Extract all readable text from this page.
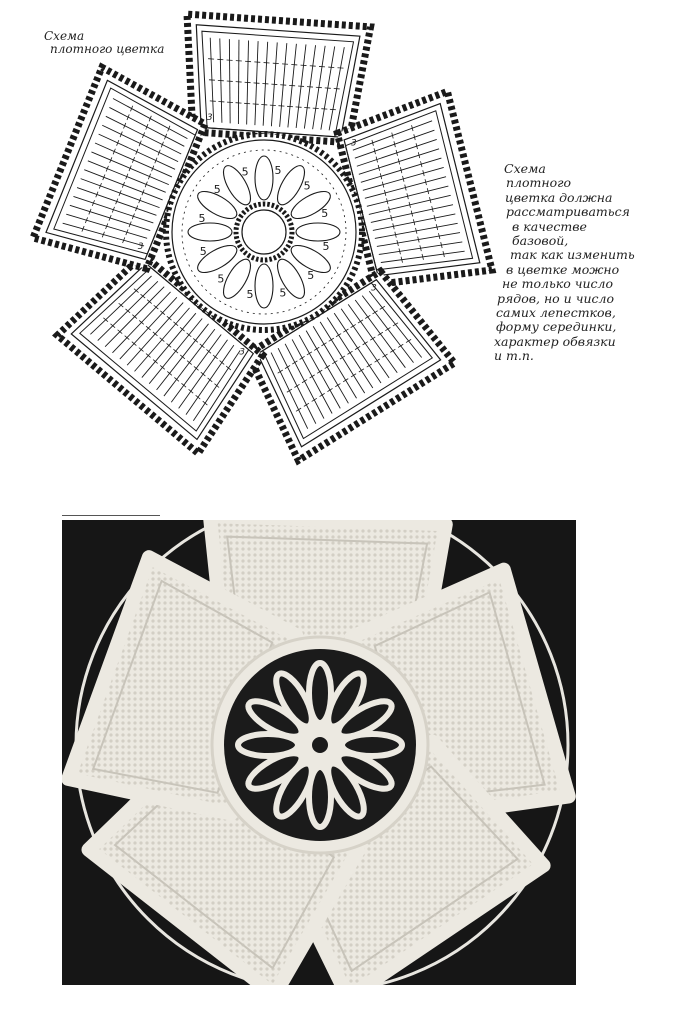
Схема
плотного цветка
3
3
3
3
3
5
5
5
5
5
5
5
5
5
5
5
5	Схема
плотного
цветка должна
рассматриваться
в качестве
базовой,
так как изменить
в цветке можно
не только число
рядов, но и число
самих лепестков,
форму серединки,
характер обвязки
и т.п.
